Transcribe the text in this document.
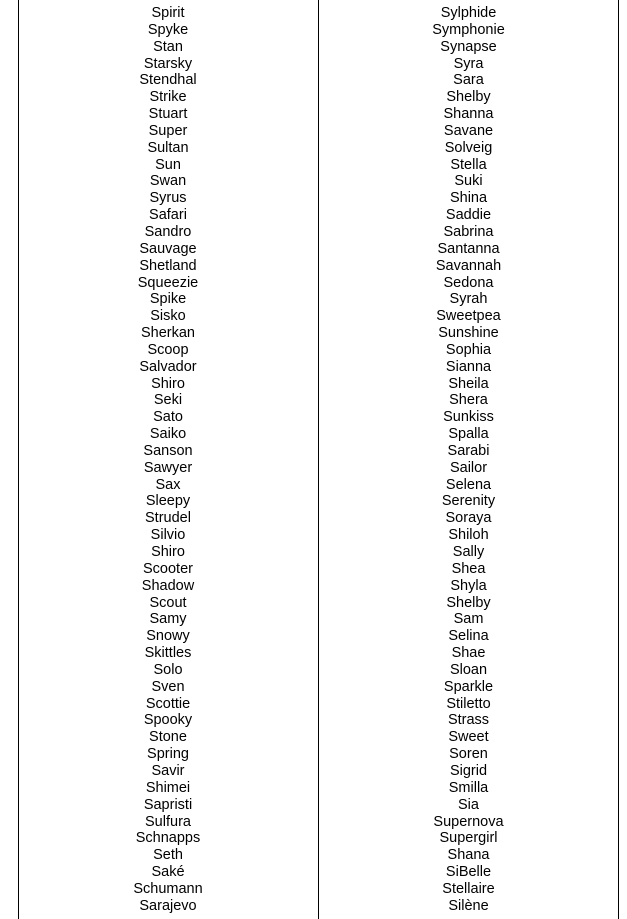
Spirit
Spyke
Stan
Starsky
Stendhal
Strike
Stuart
Super
Sultan
Sun
Swan
Syrus
Safari
Sandro
Sauvage
Shetland
Squeezie
Spike
Sisko
Sherkan
Scoop
Salvador
Shiro
Seki
Sato
Saiko
Sanson
Sawyer
Sax
Sleepy
Strudel
Silvio
Shiro
Scooter
Shadow
Scout
Samy
Snowy
Skittles
Solo
Sven
Scottie
Spooky
Stone
Spring
Savir
Shimei
Sapristi
Sulfura
Schnapps
Seth
Saké
Schumann
Sarajevo
Sylphide
Symphonie
Synapse
Syra
Sara
Shelby
Shanna
Savane
Solveig
Stella
Suki
Shina
Saddie
Sabrina
Santanna
Savannah
Sedona
Syrah
Sweetpea
Sunshine
Sophia
Sianna
Sheila
Shera
Sunkiss
Spalla
Sarabi
Sailor
Selena
Serenity
Soraya
Shiloh
Sally
Shea
Shyla
Shelby
Sam
Selina
Shae
Sloan
Sparkle
Stiletto
Strass
Sweet
Soren
Sigrid
Smilla
Sia
Supernova
Supergirl
Shana
SiBelle
Stellaire
Silène
